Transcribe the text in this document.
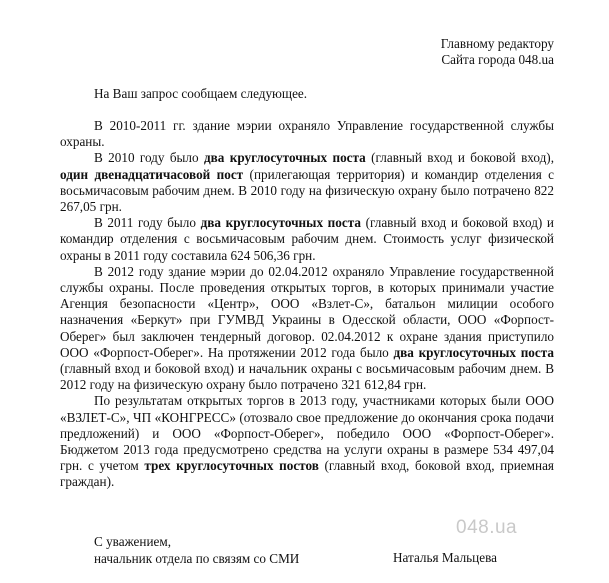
Главному редактору
Сайта города 048.ua
На Ваш запрос сообщаем следующее.

В 2010-2011 гг. здание мэрии охраняло Управление государственной службы охраны.

В 2010 году было два круглосуточных поста (главный вход и боковой вход), один двенадцатичасовой пост (прилегающая территория) и командир отделения с восьмичасовым рабочим днем. В 2010 году на физическую охрану было потрачено 822 267,05 грн.

В 2011 году было два круглосуточных поста (главный вход и боковой вход) и командир отделения с восьмичасовым рабочим днем. Стоимость услуг физической охраны в 2011 году составила 624 506,36 грн.

В 2012 году здание мэрии до 02.04.2012 охраняло Управление государственной службы охраны. После проведения открытых торгов, в которых принимали участие Агенция безопасности «Центр», ООО «Взлет-С», батальон милиции особого назначения «Беркут» при ГУМВД Украины в Одесской области, ООО «Форпост-Оберег» был заключен тендерный договор. 02.04.2012 к охране здания приступило ООО «Форпост-Оберег». На протяжении 2012 года было два круглосуточных поста (главный вход и боковой вход) и начальник охраны с восьмичасовым рабочим днем. В 2012 году на физическую охрану было потрачено 321 612,84 грн.

По результатам открытых торгов в 2013 году, участниками которых были ООО «ВЗЛЕТ-С», ЧП «КОНГРЕСС» (отозвало свое предложение до окончания срока подачи предложений) и ООО «Форпост-Оберег», победило ООО «Форпост-Оберег». Бюджетом 2013 года предусмотрено средства на услуги охраны в размере 534 497,04 грн. с учетом трех круглосуточных постов (главный вход, боковой вход, приемная граждан).

048.ua
С уважением,
начальник отдела по связям со СМИ	Наталья Мальцева
